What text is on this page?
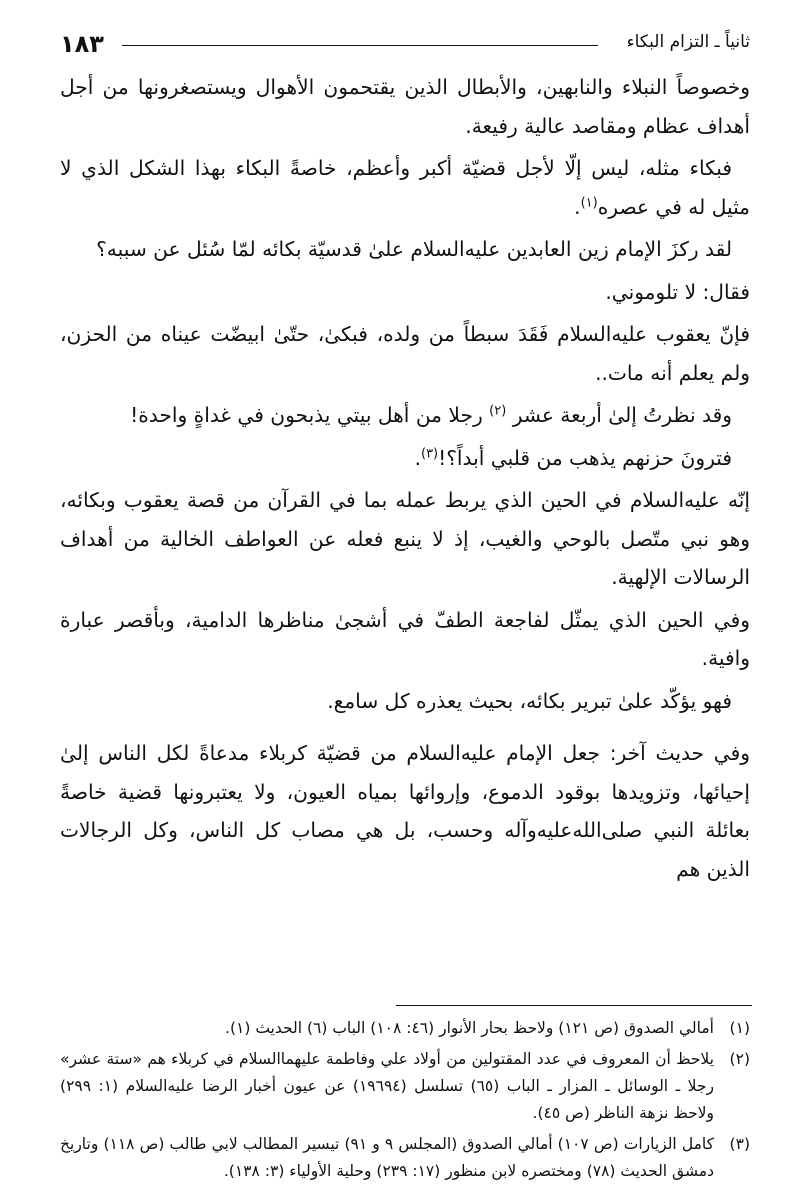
١٨٣	ثانياً ـ التزام البكاء

وخصوصاً النبلاء والنابهين، والأبطال الذين يقتحمون الأهوال ويستصغرونها من أجل أهداف عظام ومقاصد عالية رفيعة.

فبكاء مثله، ليس إلّا لأجل قضيّة أكبر وأعظم، خاصةً البكاء بهذا الشكل الذي لا مثيل له في عصره$^{(١)}$.

لقد ركزَ الإمام زين العابدين عليه‌السلام علىٰ قدسيّة بكائه لمّا سُئل عن سببه؟

فقال: لا تلوموني.

فإنّ يعقوب عليه‌السلام فَقَدَ سبطاً من ولده، فبكىٰ، حتّىٰ ابيضّت عيناه من الحزن، ولم يعلم أنه مات..

وقد نظرتُ إلىٰ أربعة عشر $^{(٢)}$ رجلا من أهل بيتي يذبحون في غداةٍ واحدة!

فترونَ حزنهم يذهب من قلبي أبداً؟!$^{(٣)}$.

إنّه عليه‌السلام في الحين الذي يربط عمله بما في القرآن من قصة يعقوب وبكائه، وهو نبي متّصل بالوحي والغيب، إذ لا ينبع فعله عن العواطف الخالية من أهداف الرسالات الإلهية.

وفي الحين الذي يمثّل لفاجعة الطفّ في أشجىٰ مناظرها الدامية، وبأقصر عبارة وافية.

فهو يؤكّد علىٰ تبرير بكائه، بحيث يعذره كل سامع.

وفي حديث آخر: جعل الإمام عليه‌السلام من قضيّة كربلاء مدعاةً لكل الناس إلىٰ إحيائها، وتزويدها بوقود الدموع، وإروائها بمياه العيون، ولا يعتبرونها قضية خاصةً بعائلة النبي صلى‌الله‌عليه‌وآله وحسب، بل هي مصاب كل الناس، وكل الرجالات الذين هم

(١)أمالي الصدوق (ص ١٢١) ولاحظ بحار الأنوار (٤٦: ١٠٨) الباب (٦) الحديث (١).

(٢)يلاحظ أن المعروف في عدد المقتولين من أولاد علي وفاطمة عليهما‌السلام في كربلاء هم «ستة عشر» رجلا ـ الوسائل ـ المزار ـ الباب (٦٥) تسلسل (١٩٦٩٤) عن عيون أخبار الرضا عليه‌السلام (١: ٢٩٩) ولاحظ نزهة الناظر (ص ٤٥).

(٣)كامل الزيارات (ص ١٠٧) أمالي الصدوق (المجلس ٩ و ٩١) تيسير المطالب لابي طالب (ص ١١٨) وتاريخ دمشق الحديث (٧٨) ومختصره لابن منظور (١٧: ٢٣٩) وحلية الأولياء (٣: ١٣٨).
